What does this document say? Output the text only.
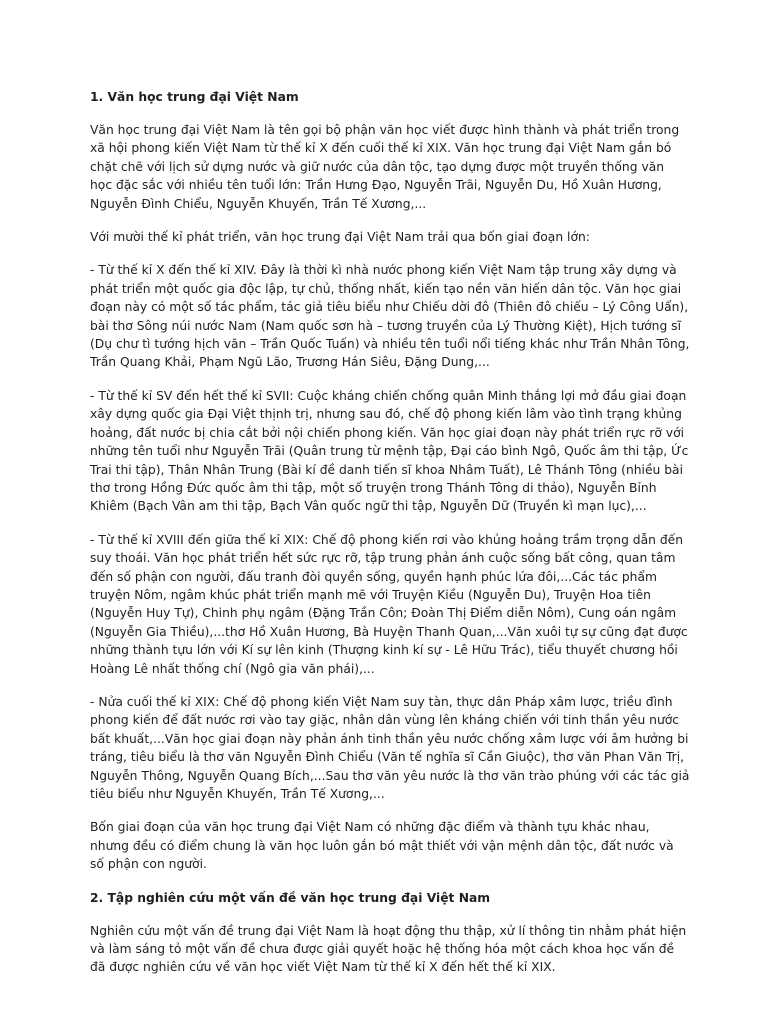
1. Văn học trung đại Việt Nam

Văn học trung đại Việt Nam là tên gọi bộ phận văn học viết được hình thành và phát triển trong xã hội phong kiến Việt Nam từ thế kỉ X đến cuối thế kỉ XIX. Văn học trung đại Việt Nam gắn bó chặt chẽ với lịch sử dựng nước và giữ nước của dân tộc, tạo dựng được một truyền thống văn học đặc sắc với nhiều tên tuổi lớn: Trần Hưng Đạo, Nguyễn Trãi, Nguyễn Du, Hồ Xuân Hương, Nguyễn Đình Chiểu, Nguyễn Khuyến, Trần Tế Xương,...

Với mười thế kỉ phát triển, văn học trung đại Việt Nam trải qua bốn giai đoạn lớn:

- Từ thế kỉ X đến thế kỉ XIV. Đây là thời kì nhà nước phong kiến Việt Nam tập trung xây dựng và phát triển một quốc gia độc lập, tự chủ, thống nhất, kiến tạo nền văn hiến dân tộc. Văn học giai đoạn này có một số tác phẩm, tác giả tiêu biểu như Chiếu dời đô (Thiên đô chiếu – Lý Công Uẩn), bài thơ Sông núi nước Nam (Nam quốc sơn hà – tương truyền của Lý Thường Kiệt), Hịch tướng sĩ (Dụ chư tì tướng hịch văn – Trần Quốc Tuấn) và nhiều tên tuổi nổi tiếng khác như Trần Nhân Tông, Trần Quang Khải, Phạm Ngũ Lão, Trương Hán Siêu, Đặng Dung,...

- Từ thế kỉ SV đến hết thế kỉ SVII: Cuộc kháng chiến chống quân Minh thắng lợi mở đầu giai đoạn xây dựng quốc gia Đại Việt thịnh trị, nhưng sau đó, chế độ phong kiến lâm vào tình trạng khủng hoảng, đất nước bị chia cắt bởi nội chiến phong kiến. Văn học giai đoạn này phát triển rực rỡ với những tên tuổi như Nguyễn Trãi (Quân trung từ mệnh tập, Đại cáo bình Ngô, Quốc âm thi tập, Ức Trai thi tập), Thân Nhân Trung (Bài kí đề danh tiến sĩ khoa Nhâm Tuất), Lê Thánh Tông (nhiều bài thơ trong Hồng Đức quốc âm thi tập, một số truyện trong Thánh Tông di thảo), Nguyễn Bỉnh Khiêm (Bạch Vân am thi tập, Bạch Vân quốc ngữ thi tập, Nguyễn Dữ (Truyền kì mạn lục),...

- Từ thế kỉ XVIII đến giữa thế kỉ XIX: Chế độ phong kiến rơi vào khủng hoảng trầm trọng dẫn đến suy thoái. Văn học phát triển hết sức rực rỡ, tập trung phản ánh cuộc sống bất công, quan tâm đến số phận con người, đấu tranh đòi quyền sống, quyền hạnh phúc lứa đôi,...Các tác phẩm truyện Nôm, ngâm khúc phát triển mạnh mẽ với Truyện Kiều (Nguyễn Du), Truyện Hoa tiên (Nguyễn Huy Tự), Chinh phụ ngâm (Đặng Trần Côn; Đoàn Thị Điểm diễn Nôm), Cung oán ngâm (Nguyễn Gia Thiều),...thơ Hồ Xuân Hương, Bà Huyện Thanh Quan,...Văn xuôi tự sự cũng đạt được những thành tựu lớn với Kí sự lên kinh (Thượng kinh kí sự - Lê Hữu Trác), tiểu thuyết chương hồi Hoàng Lê nhất thống chí (Ngô gia văn phái),...

- Nửa cuối thế kỉ XIX: Chế độ phong kiến Việt Nam suy tàn, thực dân Pháp xâm lược, triều đình phong kiến để đất nước rơi vào tay giặc, nhân dân vùng lên kháng chiến với tinh thần yêu nước bất khuất,...Văn học giai đoạn này phản ánh tinh thần yêu nước chống xâm lược với âm hưởng bi tráng, tiêu biểu là thơ văn Nguyễn Đình Chiểu (Văn tế nghĩa sĩ Cần Giuộc), thơ văn Phan Văn Trị, Nguyễn Thông, Nguyễn Quang Bích,...Sau thơ văn yêu nước là thơ văn trào phúng với các tác giả tiêu biểu như Nguyễn Khuyến, Trần Tế Xương,...

Bốn giai đoạn của văn học trung đại Việt Nam có những đặc điểm và thành tựu khác nhau, nhưng đều có điểm chung là văn học luôn gắn bó mật thiết với vận mệnh dân tộc, đất nước và số phận con người.

2. Tập nghiên cứu một vấn đề văn học trung đại Việt Nam

Nghiên cứu một vấn đề trung đại Việt Nam là hoạt động thu thập, xử lí thông tin nhằm phát hiện và làm sáng tỏ một vấn đề chưa được giải quyết hoặc hệ thống hóa một cách khoa học vấn đề đã được nghiên cứu về văn học viết Việt Nam từ thế kỉ X đến hết thế kỉ XIX.
